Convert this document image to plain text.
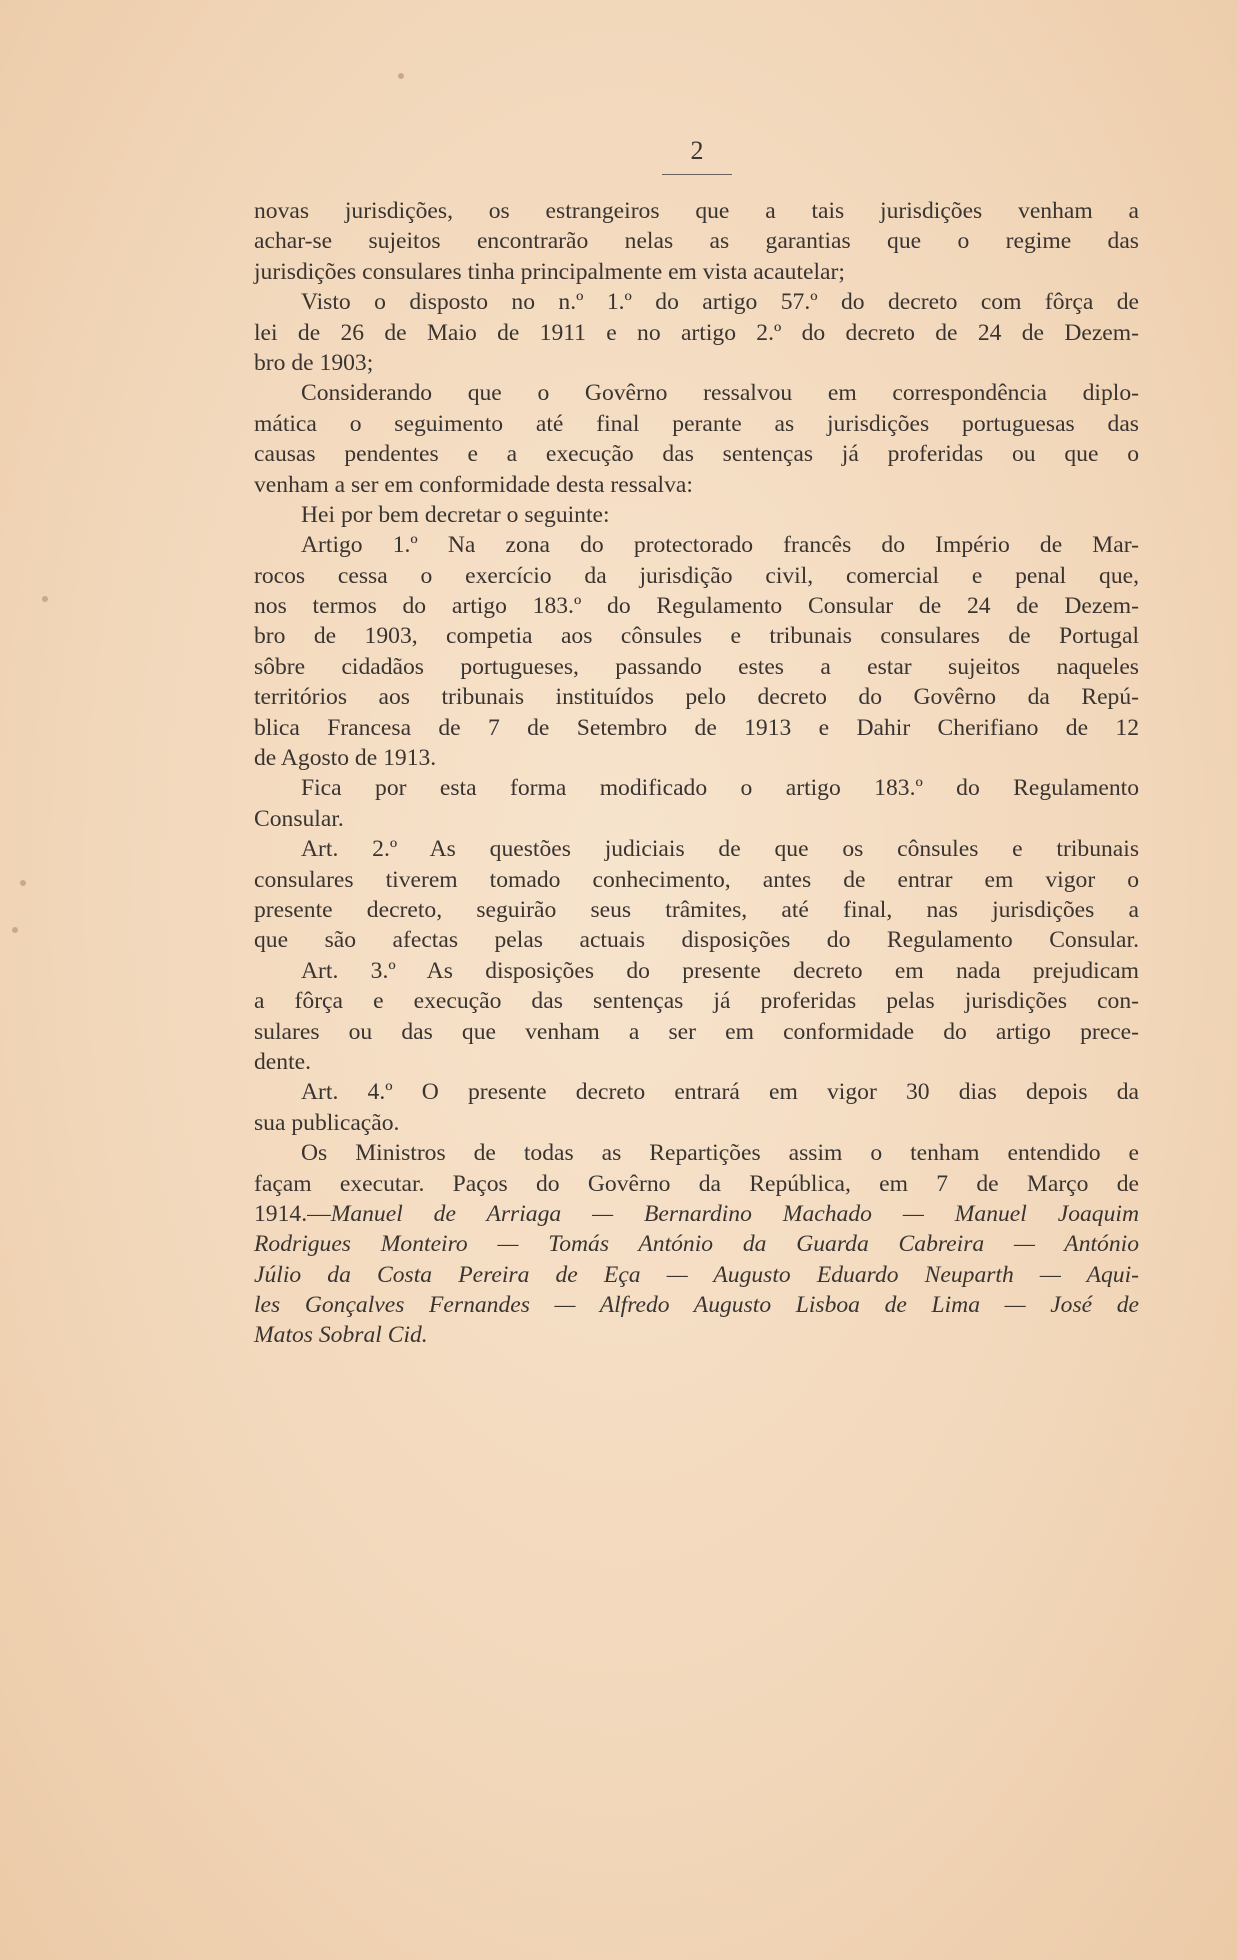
2
novas jurisdições, os estrangeiros que a tais jurisdições venham a
achar-se sujeitos encontrarão nelas as garantias que o regime das
jurisdições consulares tinha principalmente em vista acautelar;
Visto o disposto no n.º 1.º do artigo 57.º do decreto com fôrça de
lei de 26 de Maio de 1911 e no artigo 2.º do decreto de 24 de Dezem-
bro de 1903;
Considerando que o Govêrno ressalvou em correspondência diplo-
mática o seguimento até final perante as jurisdições portuguesas das
causas pendentes e a execução das sentenças já proferidas ou que o
venham a ser em conformidade desta ressalva:
Hei por bem decretar o seguinte:
Artigo 1.º Na zona do protectorado francês do Império de Mar-
rocos cessa o exercício da jurisdição civil, comercial e penal que,
nos termos do artigo 183.º do Regulamento Consular de 24 de Dezem-
bro de 1903, competia aos cônsules e tribunais consulares de Portugal
sôbre cidadãos portugueses, passando estes a estar sujeitos naqueles
territórios aos tribunais instituídos pelo decreto do Govêrno da Repú-
blica Francesa de 7 de Setembro de 1913 e Dahir Cherifiano de 12
de Agosto de 1913.
Fica por esta forma modificado o artigo 183.º do Regulamento
Consular.
Art. 2.º As questões judiciais de que os cônsules e tribunais
consulares tiverem tomado conhecimento, antes de entrar em vigor o
presente decreto, seguirão seus trâmites, até final, nas jurisdições a
que são afectas pelas actuais disposições do Regulamento Consular.
Art. 3.º As disposições do presente decreto em nada prejudicam
a fôrça e execução das sentenças já proferidas pelas jurisdições con-
sulares ou das que venham a ser em conformidade do artigo prece-
dente.
Art. 4.º O presente decreto entrará em vigor 30 dias depois da
sua publicação.
Os Ministros de todas as Repartições assim o tenham entendido e
façam executar. Paços do Govêrno da República, em 7 de Março de
1914.—Manuel de Arriaga — Bernardino Machado — Manuel Joaquim
Rodrigues Monteiro — Tomás António da Guarda Cabreira — António
Júlio da Costa Pereira de Eça — Augusto Eduardo Neuparth — Aqui-
les Gonçalves Fernandes — Alfredo Augusto Lisboa de Lima — José de
Matos Sobral Cid.
